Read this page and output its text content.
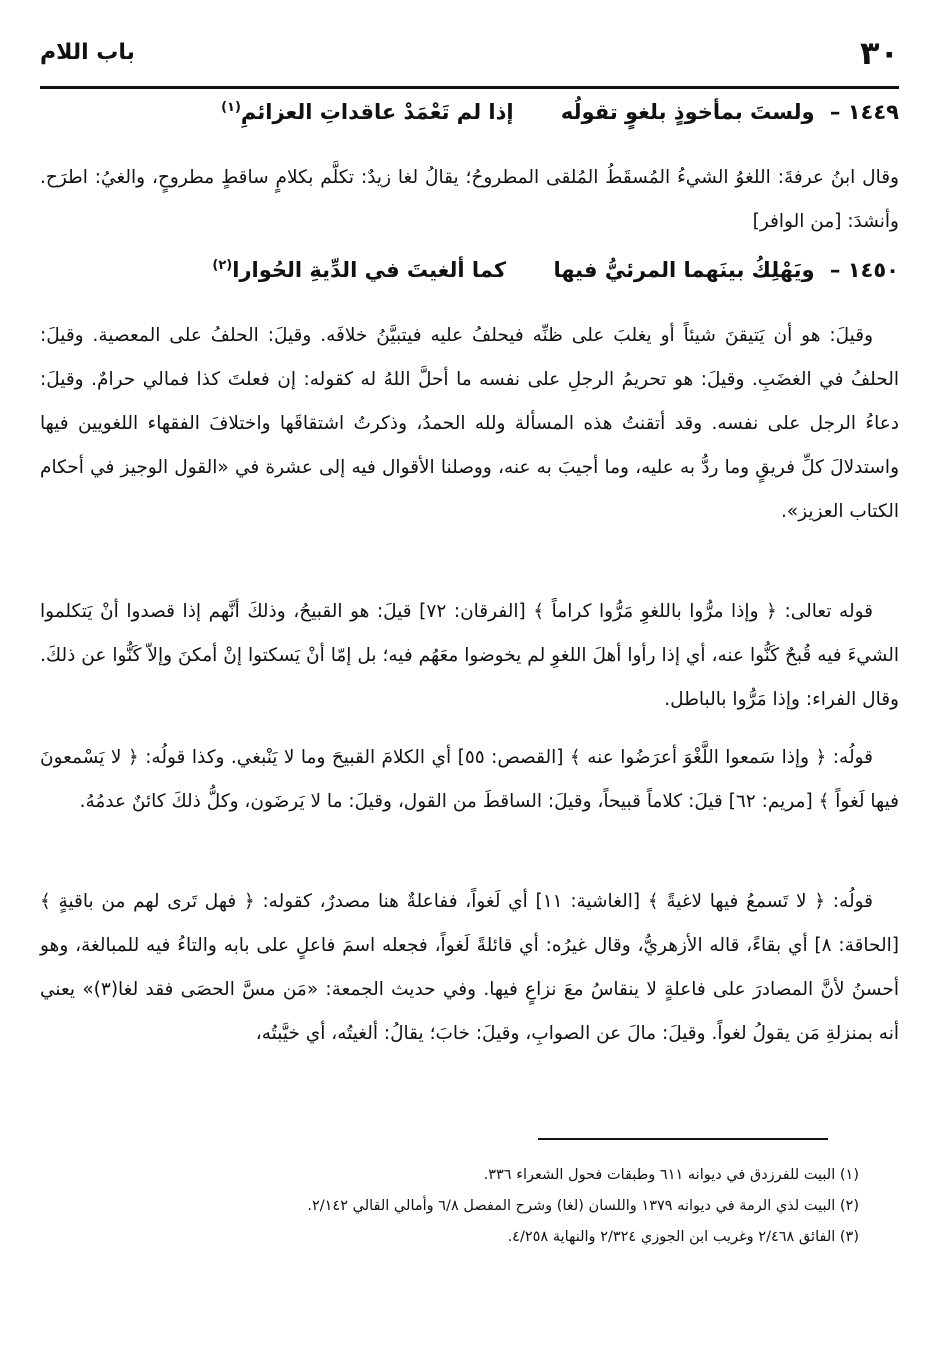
٣٠
باب اللام
١٤٤٩ – ولستَ بمأخوذٍ بلغوٍ تقولُه إذا لم تَعْمَدْ عاقداتِ العزائمِ$^{(١)}$
وقال ابنُ عرفةَ: اللغوُ الشيءُ المُسقَطُ المُلقى المطروحُ؛ يقالُ لغا زيدٌ: تكلَّم بكلامٍ ساقطٍ مطروحٍ، والغيُ: اطرَح. وأنشدَ: [من الوافر]
١٤٥٠ – ويَهْلِكُ بينَهما المرئيُّ فيها كما ألغيتَ في الدِّيةِ الحُوارا$^{(٢)}$
وقيلَ: هو أن يَتيقنَ شيئاً أو يغلبَ على ظنِّه فيحلفُ عليه فيتبيَّنُ خلافَه. وقيلَ: الحلفُ على المعصية. وقيلَ: الحلفُ في الغضَبِ. وقيلَ: هو تحريمُ الرجلِ على نفسه ما أحلَّ اللهُ له كقوله: إن فعلتَ كذا فمالي حرامٌ. وقيلَ: دعاءُ الرجل على نفسه. وقد أتقنتُ هذه المسألة ولله الحمدُ، وذكرتُ اشتقاقَها واختلافَ الفقهاء اللغويين فيها واستدلالَ كلِّ فريقٍ وما ردُّ به عليه، وما أجيبَ به عنه، ووصلنا الأقوال فيه إلى عشرة في «القول الوجيز في أحكام الكتاب العزيز».
قوله تعالى: ﴿ وإذا مرُّوا باللغوِ مَرُّوا كراماً ﴾ [الفرقان: ٧٢] قيلَ: هو القبيحُ، وذلكَ أنَّهم إذا قصدوا أنْ يَتكلموا الشيءَ فيه قُبحٌ كَنُّوا عنه، أي إذا رأوا أهلَ اللغوِ لم يخوضوا معَهُم فيه؛ بل إمّا أنْ يَسكتوا إنْ أمكنَ وإلاّ كَنُّوا عن ذلكَ. وقال الفراء: وإذا مَرُّوا بالباطل.
قولُه: ﴿ وإذا سَمعوا اللَّغْوَ أعرَضُوا عنه ﴾ [القصص: ٥٥] أي الكلامَ القبيحَ وما لا يَنْبغي. وكذا قولُه: ﴿ لا يَسْمعونَ فيها لَغواً ﴾ [مريم: ٦٢] قيلَ: كلاماً قبيحاً، وقيلَ: الساقطَ من القول، وقيلَ: ما لا يَرضَون، وكلُّ ذلكَ كائنٌ عدمُهُ.
قولُه: ﴿ لا تَسمعُ فيها لاغيةً ﴾ [الغاشية: ١١] أي لَغواً، ففاعلةٌ هنا مصدرٌ، كقوله: ﴿ فهل تَرى لهم من باقيةٍ ﴾ [الحاقة: ٨] أي بقاءً، قاله الأزهريُّ، وقال غيرُه: أي قائلةً لَغواً، فجعله اسمَ فاعلٍ على بابه والتاءُ فيه للمبالغة، وهو أحسنُ لأنَّ المصادرَ على فاعلةٍ لا ينقاسُ معَ نزاعٍ فيها. وفي حديث الجمعة: «مَن مسَّ الحصَى فقد لغا(٣)» يعني أنه بمنزلةِ مَن يقولُ لغواً. وقيلَ: مالَ عن الصوابِ، وقيلَ: خابَ؛ يقالُ: ألغيتُه، أي خيَّبتُه،
(١) البيت للفرزدق في ديوانه ٦١١ وطبقات فحول الشعراء ٣٣٦.
(٢) البيت لذي الرمة في ديوانه ١٣٧٩ واللسان (لغا) وشرح المفصل ٦/٨ وأمالي القالي ٢/١٤٢.
(٣) الفائق ٢/٤٦٨ وغريب ابن الجوزي ٢/٣٢٤ والنهاية ٤/٢٥٨.
